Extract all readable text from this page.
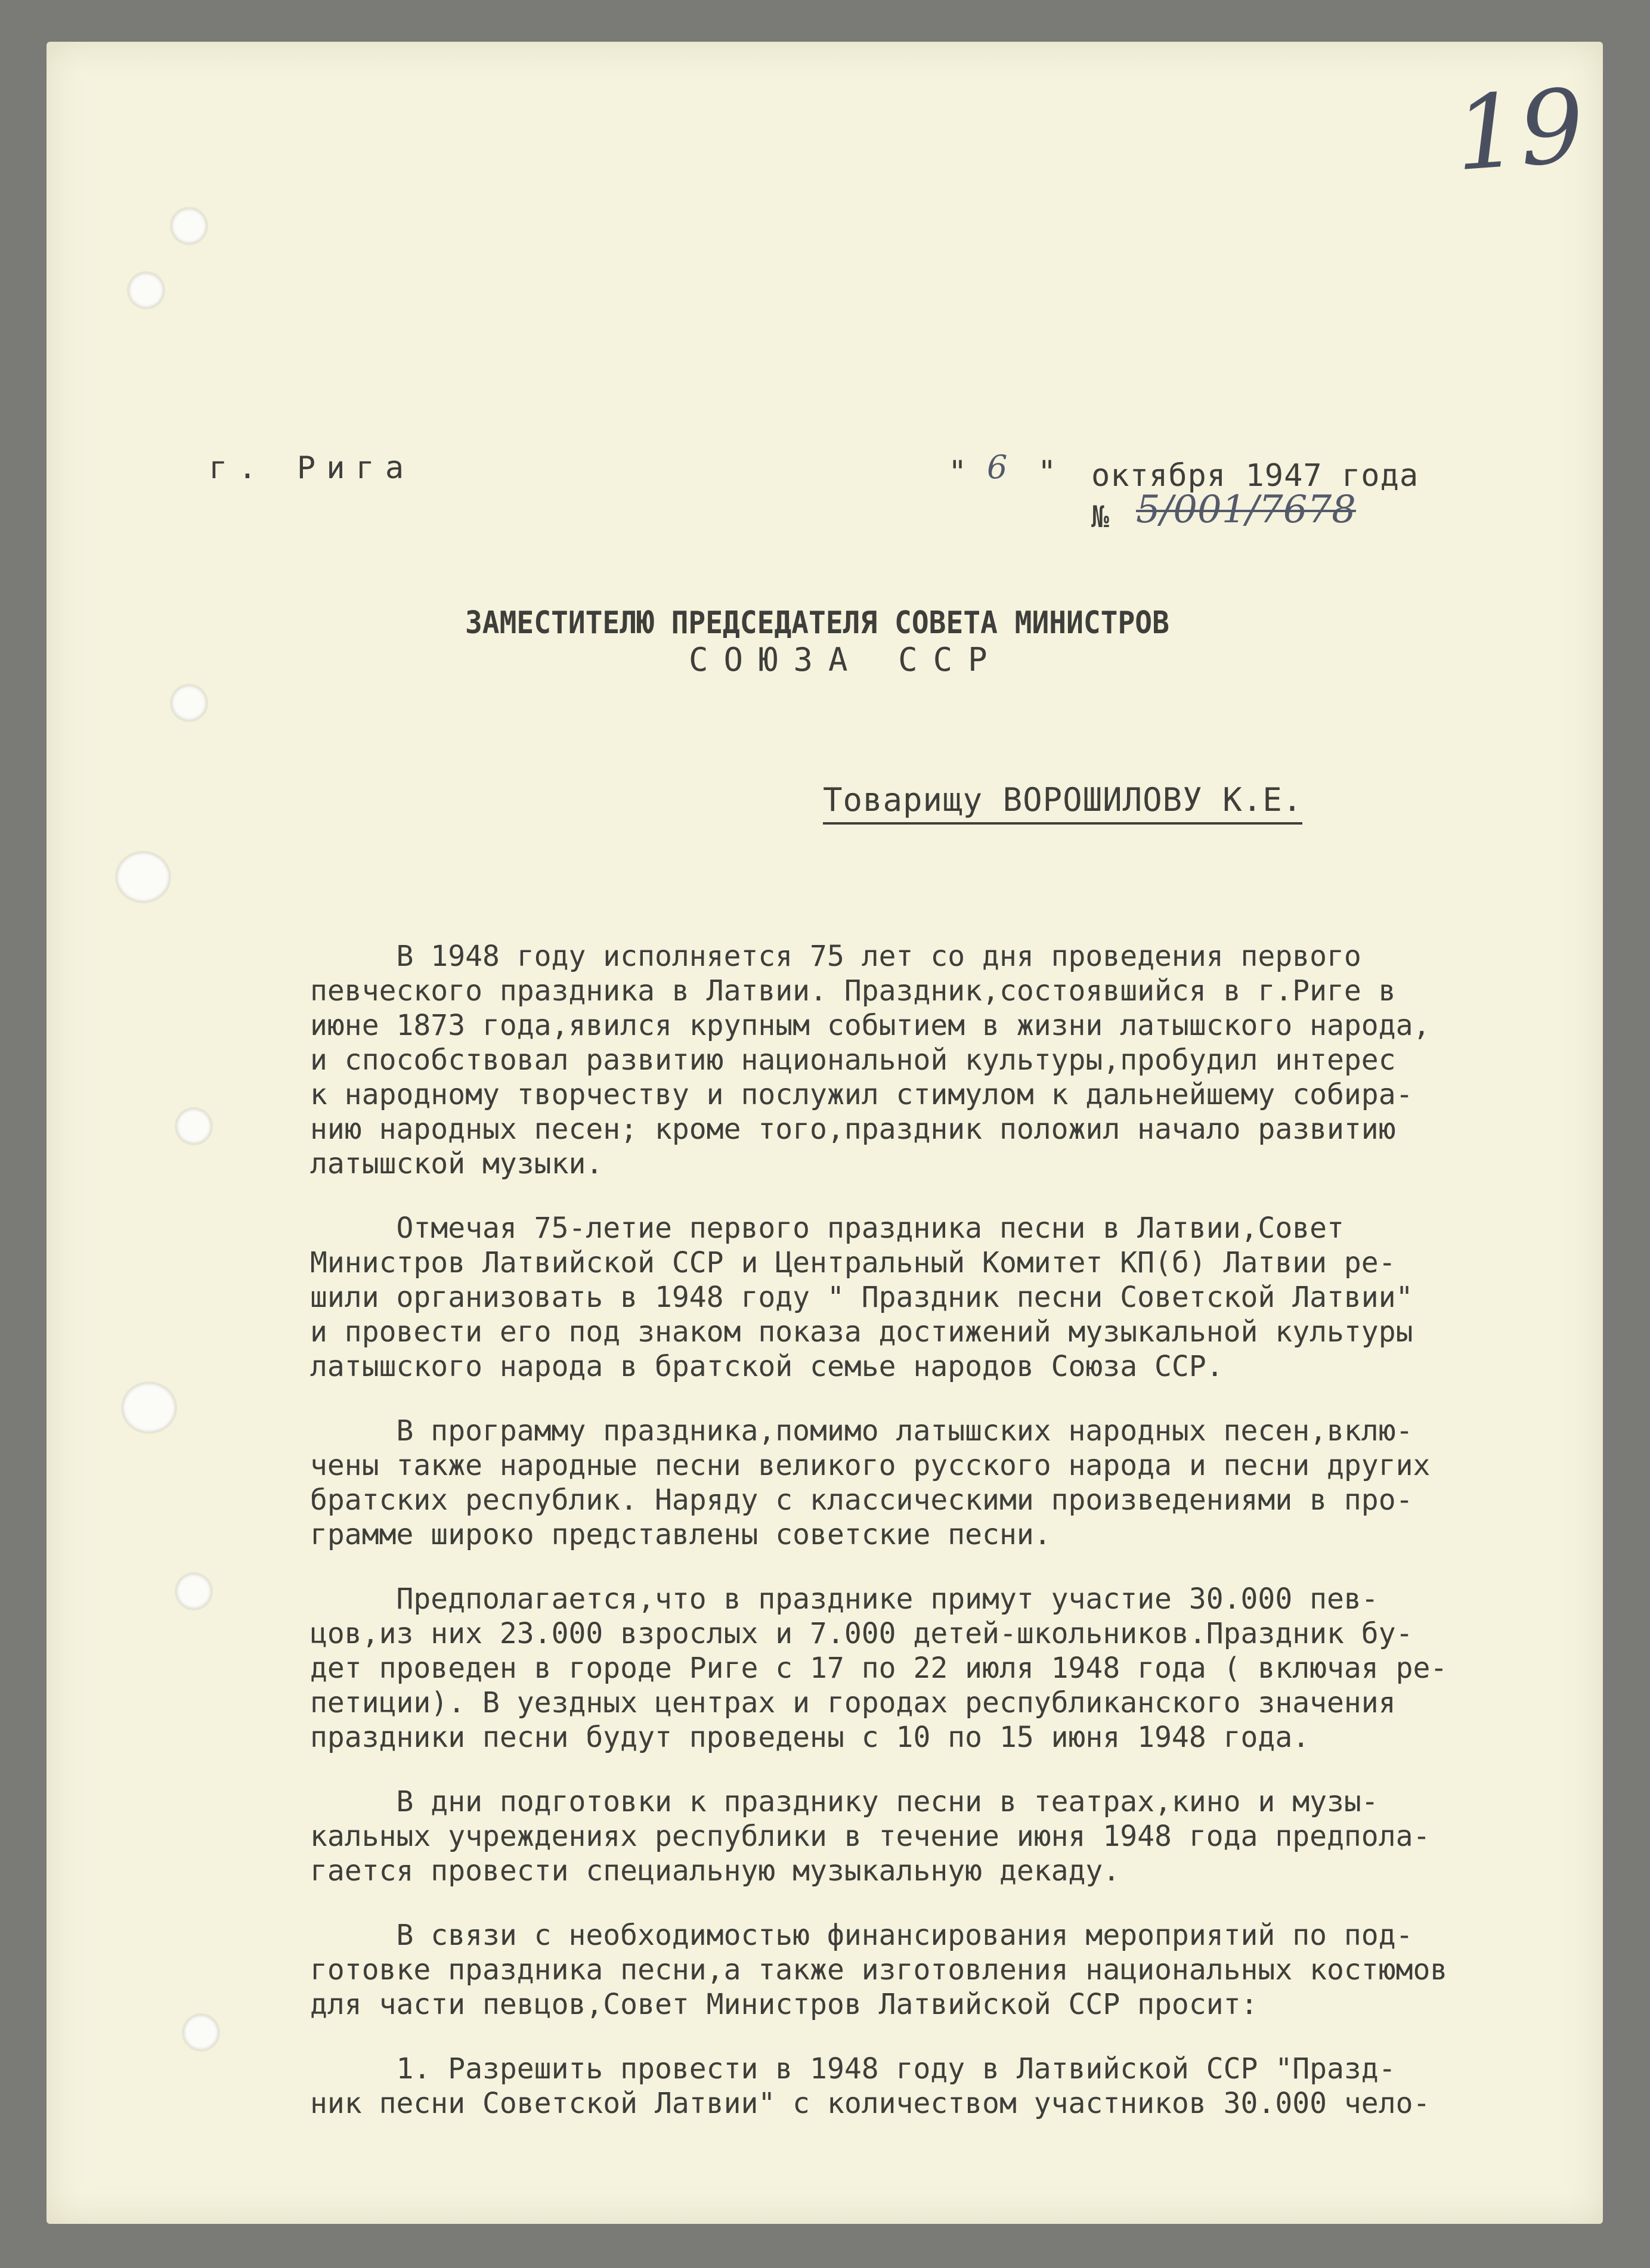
19
г. Рига	" 6 " октября 1947 года
№ 5/001/7678
ЗАМЕСТИТЕЛЮ ПРЕДСЕДАТЕЛЯ СОВЕТА МИНИСТРОВ
СОЮЗА ССР
Товарищу ВОРОШИЛОВУ К.Е.
В 1948 году исполняется 75 лет со дня проведения первого
певческого праздника в Латвии. Праздник,состоявшийся в г.Риге в
июне 1873 года,явился крупным событием в жизни латышского народа,
и способствовал развитию национальной культуры,пробудил интерес
к народному творчеству и послужил стимулом к дальнейшему собира-
нию народных песен; кроме того,праздник положил начало развитию
латышской музыки.
Отмечая 75-летие первого праздника песни в Латвии,Совет
Министров Латвийской ССР и Центральный Комитет КП(б) Латвии ре-
шили организовать в 1948 году " Праздник песни Советской Латвии"
и провести его под знаком показа достижений музыкальной культуры
латышского народа в братской семье народов Союза ССР.
В программу праздника,помимо латышских народных песен,вклю-
чены также народные песни великого русского народа и песни других
братских республик. Наряду с классическими произведениями в про-
грамме широко представлены советские песни.
Предполагается,что в празднике примут участие 30.000 пев-
цов,из них 23.000 взрослых и 7.000 детей-школьников.Праздник бу-
дет проведен в городе Риге с 17 по 22 июля 1948 года ( включая ре-
петиции). В уездных центрах и городах республиканского значения
праздники песни будут проведены с 10 по 15 июня 1948 года.
В дни подготовки к празднику песни в театрах,кино и музы-
кальных учреждениях республики в течение июня 1948 года предпола-
гается провести специальную музыкальную декаду.
В связи с необходимостью финансирования мероприятий по под-
готовке праздника песни,а также изготовления национальных костюмов
для части певцов,Совет Министров Латвийской ССР просит:
1. Разрешить провести в 1948 году в Латвийской ССР "Празд-
ник песни Советской Латвии" с количеством участников 30.000 чело-
